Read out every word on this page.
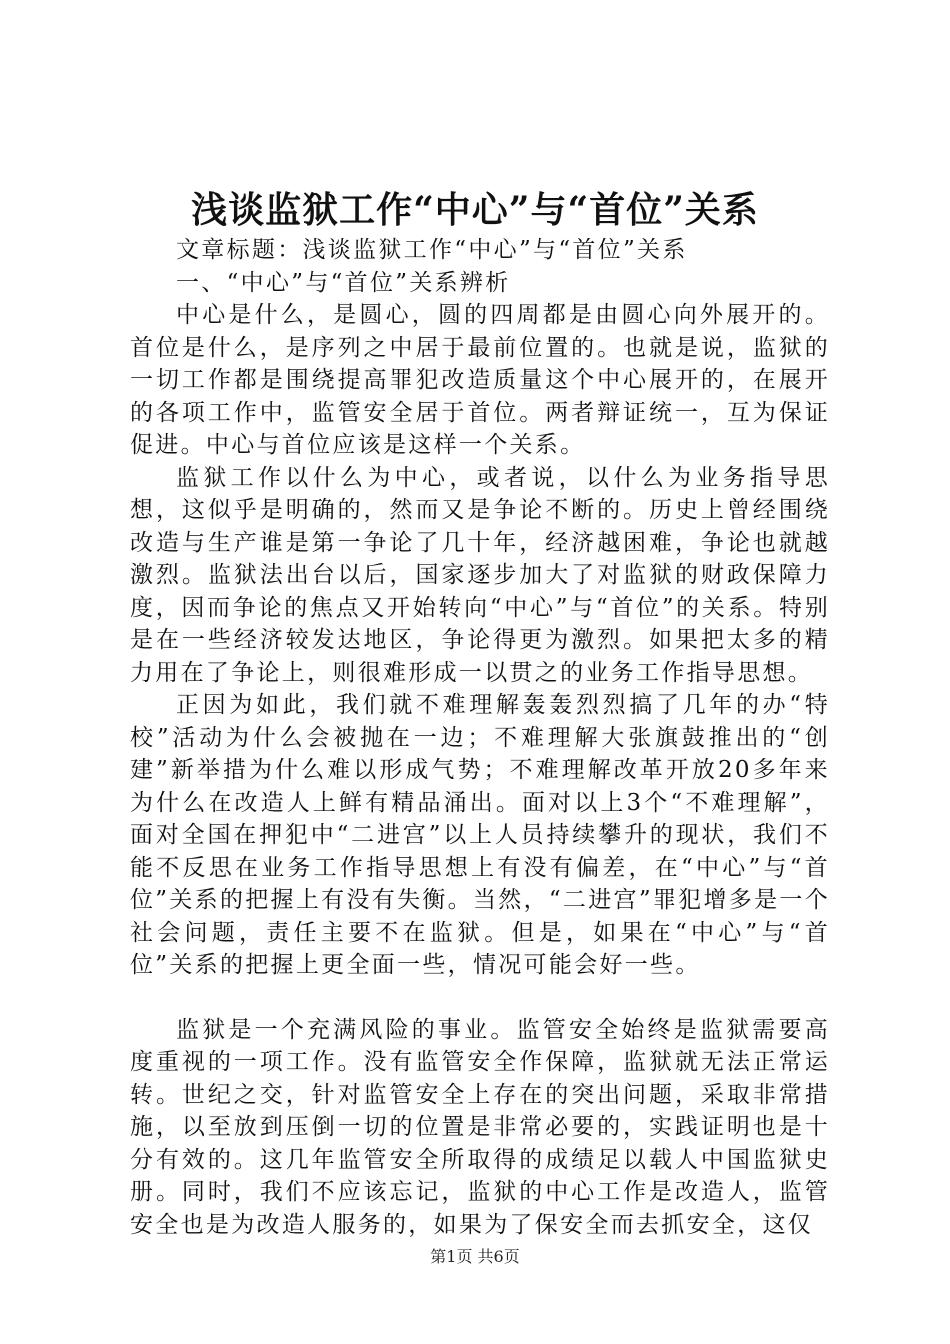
浅谈监狱工作“中心”与“首位”关系

文章标题：浅谈监狱工作“中心”与“首位”关系

一、“中心”与“首位”关系辨析

中心是什么，是圆心，圆的四周都是由圆心向外展开的。首位是什么，是序列之中居于最前位置的。也就是说，监狱的一切工作都是围绕提高罪犯改造质量这个中心展开的，在展开的各项工作中，监管安全居于首位。两者辩证统一，互为保证促进。中心与首位应该是这样一个关系。

监狱工作以什么为中心，或者说，以什么为业务指导思想，这似乎是明确的，然而又是争论不断的。历史上曾经围绕改造与生产谁是第一争论了几十年，经济越困难，争论也就越激烈。监狱法出台以后，国家逐步加大了对监狱的财政保障力度，因而争论的焦点又开始转向“中心”与“首位”的关系。特别是在一些经济较发达地区，争论得更为激烈。如果把太多的精力用在了争论上，则很难形成一以贯之的业务工作指导思想。

正因为如此，我们就不难理解轰轰烈烈搞了几年的办“特校”活动为什么会被抛在一边；不难理解大张旗鼓推出的“创建”新举措为什么难以形成气势；不难理解改革开放20多年来为什么在改造人上鲜有精品涌出。面对以上3个“不难理解”，面对全国在押犯中“二进宫”以上人员持续攀升的现状，我们不能不反思在业务工作指导思想上有没有偏差，在“中心”与“首位”关系的把握上有没有失衡。当然，“二进宫”罪犯增多是一个社会问题，责任主要不在监狱。但是，如果在“中心”与“首位”关系的把握上更全面一些，情况可能会好一些。

监狱是一个充满风险的事业。监管安全始终是监狱需要高度重视的一项工作。没有监管安全作保障，监狱就无法正常运转。世纪之交，针对监管安全上存在的突出问题，采取非常措施，以至放到压倒一切的位置是非常必要的，实践证明也是十分有效的。这几年监管安全所取得的成绩足以载人中国监狱史册。同时，我们不应该忘记，监狱的中心工作是改造人，监管安全也是为改造人服务的，如果为了保安全而去抓安全，这仅

第1页 共6页
